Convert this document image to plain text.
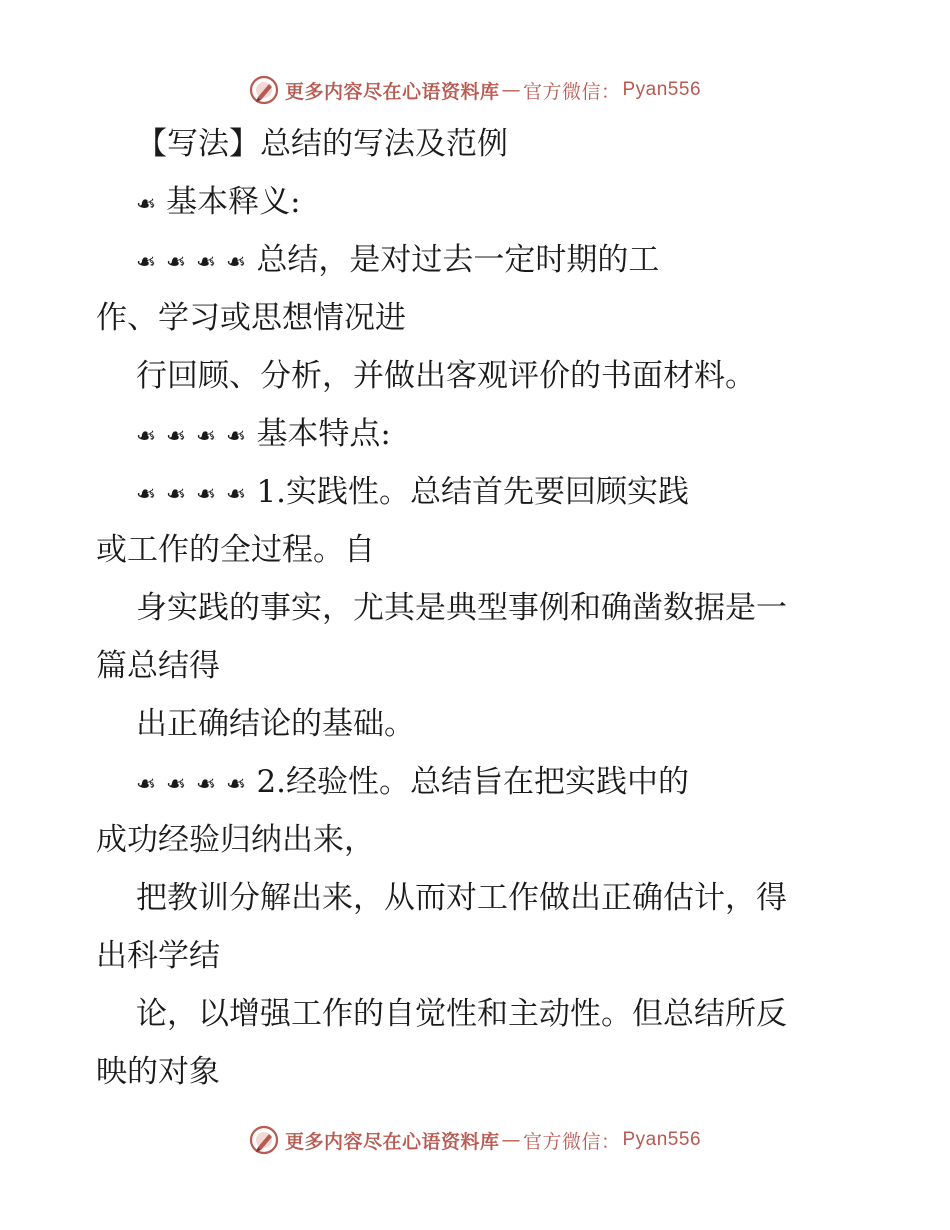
更多内容尽在心语资料库 — 官方微信： Pyan556
【写法】总结的写法及范例
❧ 基本释义:
❧ ❧ ❧ ❧ 总结，是对过去一定时期的工
作、学习或思想情况进
行回顾、分析，并做出客观评价的书面材料。
❧ ❧ ❧ ❧ 基本特点:
❧ ❧ ❧ ❧ 1.实践性。总结首先要回顾实践
或工作的全过程。自
身实践的事实，尤其是典型事例和确凿数据是一
篇总结得
出正确结论的基础。
❧ ❧ ❧ ❧ 2.经验性。总结旨在把实践中的
成功经验归纳出来，
把教训分解出来，从而对工作做出正确估计，得
出科学结
论，以增强工作的自觉性和主动性。但总结所反
映的对象
更多内容尽在心语资料库 — 官方微信： Pyan556
